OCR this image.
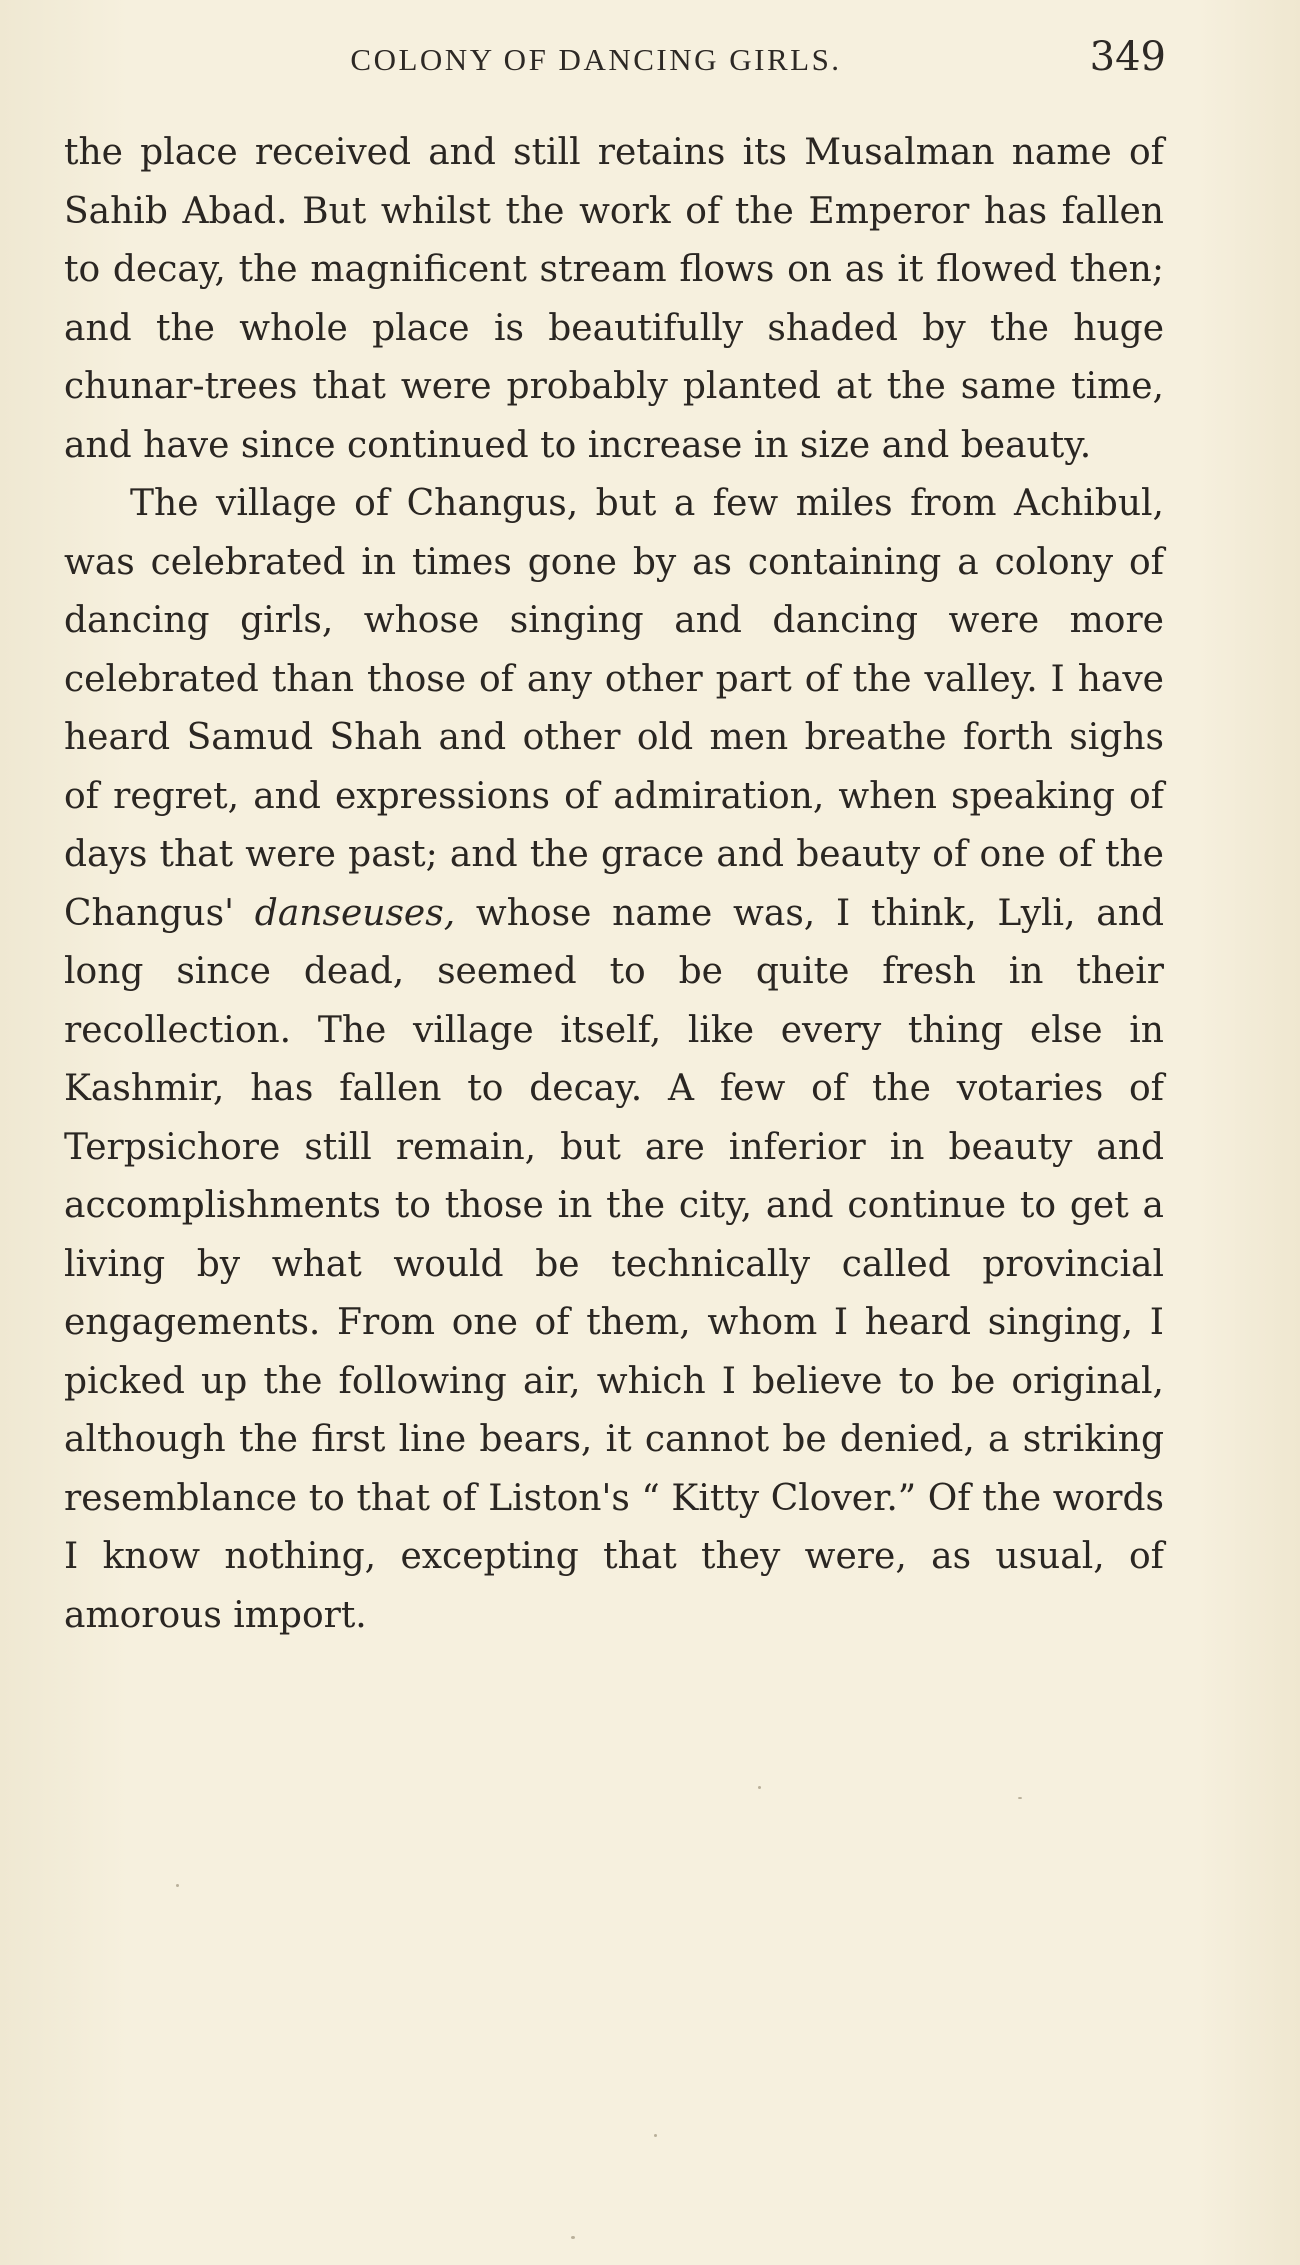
COLONY OF DANCING GIRLS.	349

the place received and still retains its Musalman name of Sahib Abad. But whilst the work of the Emperor has fallen to decay, the magnificent stream flows on as it flowed then; and the whole place is beautifully shaded by the huge chunar-trees that were probably planted at the same time, and have since continued to increase in size and beauty.

The village of Changus, but a few miles from Achibul, was celebrated in times gone by as containing a colony of dancing girls, whose singing and dancing were more celebrated than those of any other part of the valley. I have heard Samud Shah and other old men breathe forth sighs of regret, and expressions of admiration, when speaking of days that were past; and the grace and beauty of one of the Changus' danseuses, whose name was, I think, Lyli, and long since dead, seemed to be quite fresh in their recollection. The village itself, like every thing else in Kashmir, has fallen to decay. A few of the votaries of Terpsichore still remain, but are inferior in beauty and accomplishments to those in the city, and continue to get a living by what would be technically called provincial engagements. From one of them, whom I heard singing, I picked up the following air, which I believe to be original, although the first line bears, it cannot be denied, a striking resemblance to that of Liston's “ Kitty Clover.” Of the words I know nothing, excepting that they were, as usual, of amorous import.
